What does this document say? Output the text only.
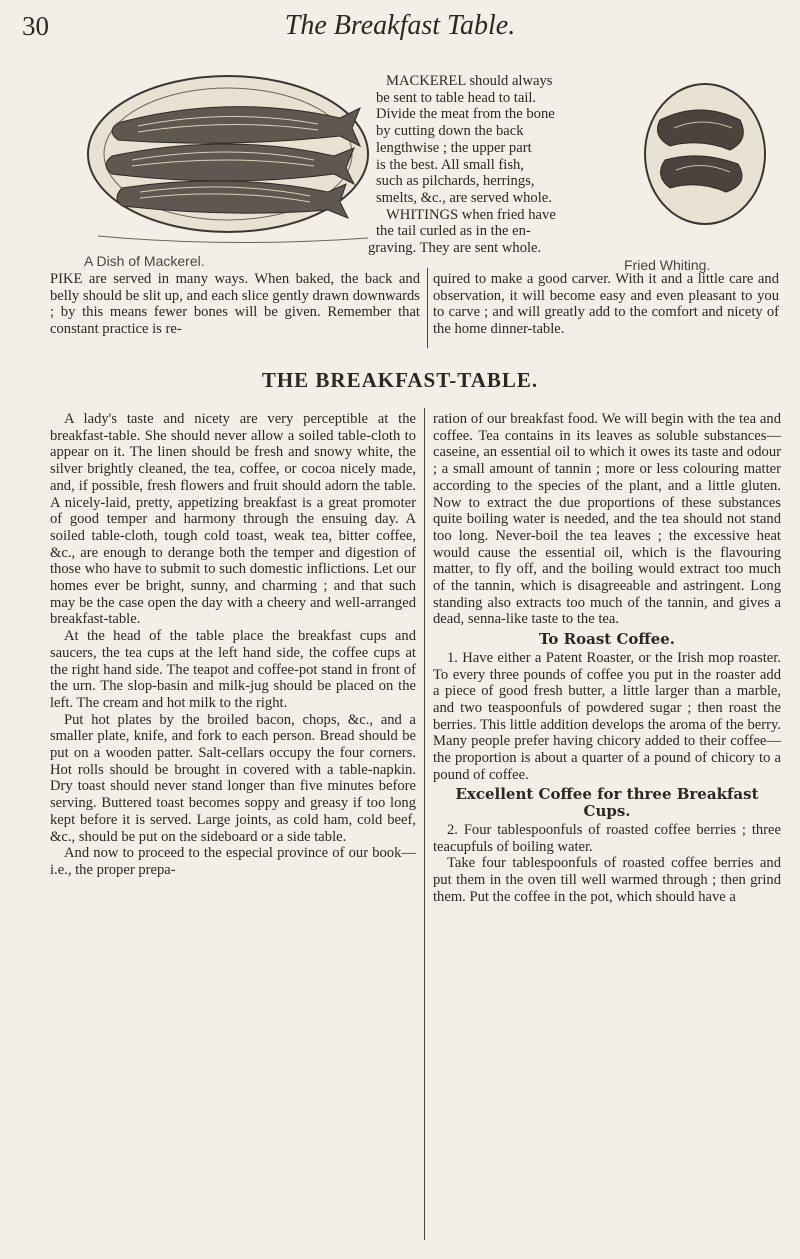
30	The Breakfast Table.
A Dish of Mackerel.	Fried Whiting.
MACKEREL should always
be sent to table head to tail.
Divide the meat from the bone
by cutting down the back
lengthwise ; the upper part
is the best. All small fish,
such as pilchards, herrings,
smelts, &c., are served whole.
WHITINGS when fried have
the tail curled as in the en-
graving. They are sent whole.

PIKE are served in many ways. When baked, the back and belly should be slit up, and each slice gently drawn downwards ; by this means fewer bones will be given. Remember that constant practice is re-

quired to make a good carver. With it and a little care and observation, it will become easy and even pleasant to you to carve ; and will greatly add to the comfort and nicety of the home dinner-table.

THE BREAKFAST-TABLE.

A lady's taste and nicety are very perceptible at the breakfast-table. She should never allow a soiled table-cloth to appear on it. The linen should be fresh and snowy white, the silver brightly cleaned, the tea, coffee, or cocoa nicely made, and, if possible, fresh flowers and fruit should adorn the table. A nicely-laid, pretty, appetizing breakfast is a great promoter of good temper and harmony through the ensuing day. A soiled table-cloth, tough cold toast, weak tea, bitter coffee, &c., are enough to derange both the temper and digestion of those who have to submit to such domestic inflictions. Let our homes ever be bright, sunny, and charming ; and that such may be the case open the day with a cheery and well-arranged breakfast-table.

At the head of the table place the breakfast cups and saucers, the tea cups at the left hand side, the coffee cups at the right hand side. The teapot and coffee-pot stand in front of the urn. The slop-basin and milk-jug should be placed on the left. The cream and hot milk to the right.

Put hot plates by the broiled bacon, chops, &c., and a smaller plate, knife, and fork to each person. Bread should be put on a wooden patter. Salt-cellars occupy the four corners. Hot rolls should be brought in covered with a table-napkin. Dry toast should never stand longer than five minutes before serving. Buttered toast becomes soppy and greasy if too long kept before it is served. Large joints, as cold ham, cold beef, &c., should be put on the sideboard or a side table.

And now to proceed to the especial province of our book—i.e., the proper prepa-

ration of our breakfast food. We will begin with the tea and coffee. Tea contains in its leaves as soluble substances—caseine, an essential oil to which it owes its taste and odour ; a small amount of tannin ; more or less colouring matter according to the species of the plant, and a little gluten. Now to extract the due proportions of these substances quite boiling water is needed, and the tea should not stand too long. Never-boil the tea leaves ; the excessive heat would cause the essential oil, which is the flavouring matter, to fly off, and the boiling would extract too much of the tannin, which is disagreeable and astringent. Long standing also extracts too much of the tannin, and gives a dead, senna-like taste to the tea.

To Roast Coffee.

1. Have either a Patent Roaster, or the Irish mop roaster. To every three pounds of coffee you put in the roaster add a piece of good fresh butter, a little larger than a marble, and two teaspoonfuls of powdered sugar ; then roast the berries. This little addition develops the aroma of the berry. Many people prefer having chicory added to their coffee—the proportion is about a quarter of a pound of chicory to a pound of coffee.

Excellent Coffee for three Breakfast Cups.

2. Four tablespoonfuls of roasted coffee berries ; three teacupfuls of boiling water.

Take four tablespoonfuls of roasted coffee berries and put them in the oven till well warmed through ; then grind them. Put the coffee in the pot, which should have a
